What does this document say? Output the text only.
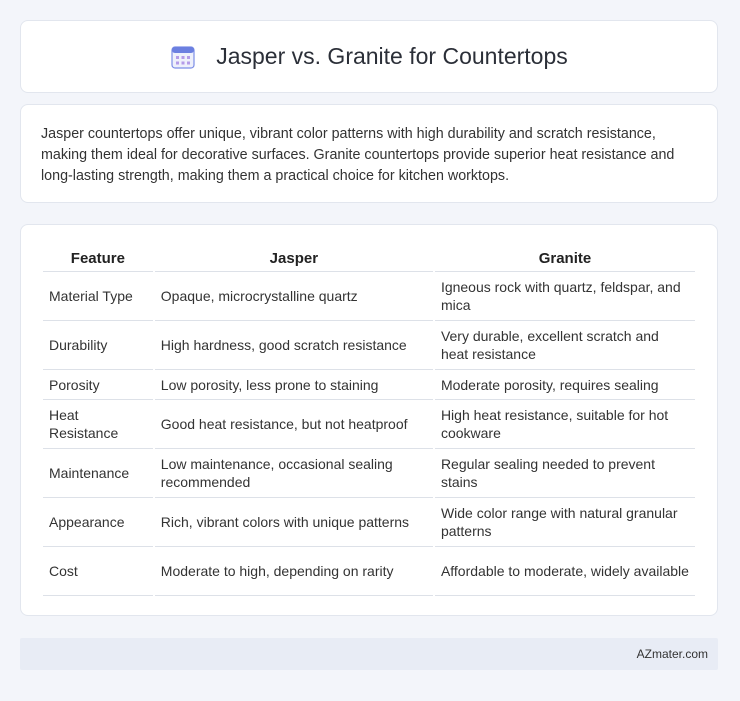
Jasper vs. Granite for Countertops

Jasper countertops offer unique, vibrant color patterns with high durability and scratch resistance, making them ideal for decorative surfaces. Granite countertops provide superior heat resistance and long-lasting strength, making them a practical choice for kitchen worktops.

Feature	Jasper	Granite
Material Type	Opaque, microcrystalline quartz	Igneous rock with quartz, feldspar, and mica
Durability	High hardness, good scratch resistance	Very durable, excellent scratch and heat resistance
Porosity	Low porosity, less prone to staining	Moderate porosity, requires sealing
Heat Resistance	Good heat resistance, but not heatproof	High heat resistance, suitable for hot cookware
Maintenance	Low maintenance, occasional sealing recommended	Regular sealing needed to prevent stains
Appearance	Rich, vibrant colors with unique patterns	Wide color range with natural granular patterns
Cost	Moderate to high, depending on rarity	Affordable to moderate, widely available
AZmater.com
